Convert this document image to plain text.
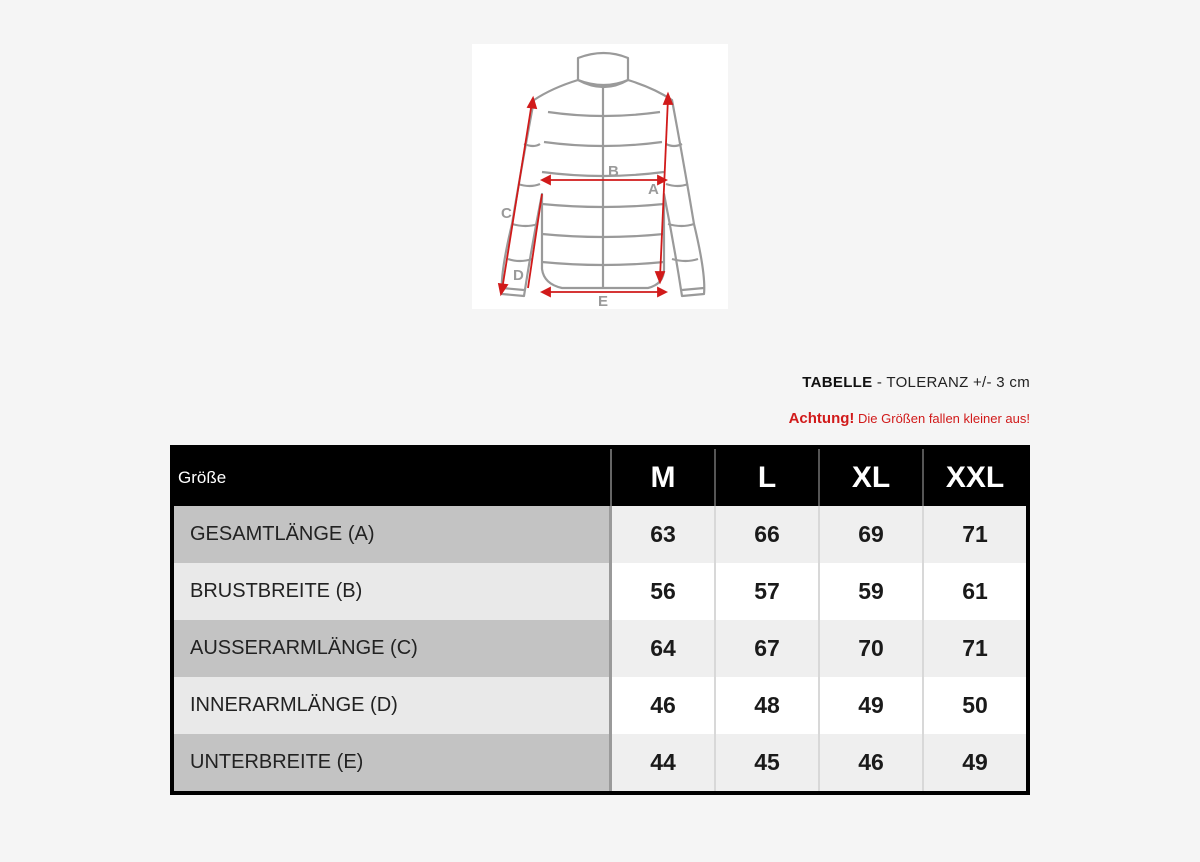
A
B
C
D
E
TABELLE - TOLERANZ +/- 3 cm
Achtung! Die Größen fallen kleiner aus!
Größe	M	L	XL	XXL
GESAMTLÄNGE (A)	63	66	69	71
BRUSTBREITE (B)	56	57	59	61
AUSSERARMLÄNGE (C)	64	67	70	71
INNERARMLÄNGE (D)	46	48	49	50
UNTERBREITE (E)	44	45	46	49
